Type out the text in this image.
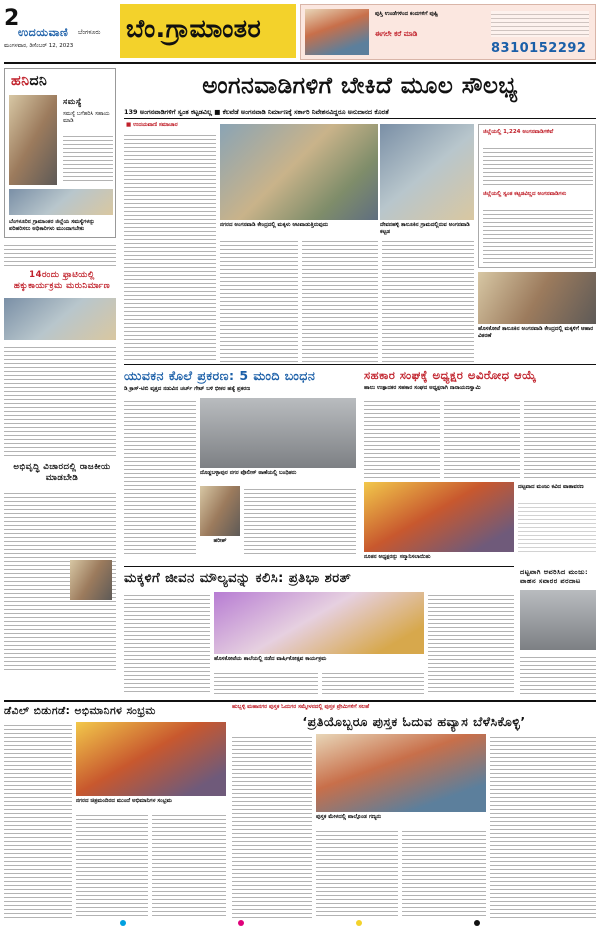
2
ಉದಯವಾಣಿ ಬೆಂಗಳೂರು
ಮಂಗಳವಾರ, ಡಿಸೆಂಬರ್ 12, 2023
ಬೆಂ.ಗ್ರಾಮಾಂತರ	ಪುಸ್ತಿ ಉಂಡೆಗಳಿಂದ ಕಂದಗಳಿಗೆ ಪುಷ್ಟಿ
ಈಗಲೇ ಕರೆ ಮಾಡಿ
8310152292
ಹನಿದನಿ
ಸಮಸ್ಯೆ
ಸಮಸ್ಯೆ ಬಗೆಹರಿಸಿ ಸಹಾಯ ಮಾಡಿ
ಬೆಂಗಳೂರಿನ ಗ್ರಾಮಾಂತರ ಜಿಲ್ಲೆಯ ಸಮಸ್ಯೆಗಳನ್ನು ಪರಿಹರಿಸಲು ಅಧಿಕಾರಿಗಳು ಮುಂದಾಗಬೇಕು
14ರಂದು ಫ್ರಾಟಿಯಲ್ಲಿ ಹಕ್ಕುಕಾರ್ಯಕ್ರಮ ಮರುನಿರ್ಮಾಣ
ಅಭಿವೃದ್ಧಿ ವಿಚಾರದಲ್ಲಿ ರಾಜಕೀಯ ಮಾಡಬೇಡಿ
ಅಂಗನವಾಡಿಗಳಿಗೆ ಬೇಕಿದೆ ಮೂಲ ಸೌಲಭ್ಯ
139 ಅಂಗನವಾಡಿಗಳಿಗೆ ಸ್ವಂತ ಕಟ್ಟಡವಿಲ್ಲ ■ ಕೆಲವೆಡೆ ಅಂಗನವಾಡಿ ನಿರ್ಮಾಣಕ್ಕೆ ಸರ್ಕಾರಿ ನಿವೇಶನವಿದ್ದರೂ ಅನುದಾನದ ಕೊರತೆ
■ ಉದಯವಾಣಿ ಸಮಾಚಾರ
ನಗರದ ಅಂಗನವಾಡಿ ಕೇಂದ್ರದಲ್ಲಿ ಮಕ್ಕಳು ಆಟವಾಡುತ್ತಿರುವುದು	ದೇವನಹಳ್ಳಿ ತಾಲೂಕಿನ ಗ್ರಾಮದಲ್ಲಿರುವ ಅಂಗನವಾಡಿ ಕಟ್ಟಡ
ಜಿಲ್ಲೆಯಲ್ಲಿ 1,224 ಅಂಗನವಾಡಿಗಳಿವೆ
ಜಿಲ್ಲೆಯಲ್ಲಿ ಸ್ವಂತ ಕಟ್ಟಡವಿಲ್ಲದ ಅಂಗನವಾಡಿಗಳು
ಹೊಸಕೋಟೆ ತಾಲೂಕಿನ ಅಂಗನವಾಡಿ ಕೇಂದ್ರದಲ್ಲಿ ಮಕ್ಕಳಿಗೆ ಆಹಾರ ವಿತರಣೆ
ಯುವಕನ ಕೊಲೆ ಪ್ರಕರಣ: 5 ಮಂದಿ ಬಂಧನ
ಡಿ ಕ್ರಾಸ್-ಟಿಬಿ ವೃತ್ತದ ನಡುವಿನ ಚರ್ಚ್ ಗೇಟ್ ಬಳಿ ಭೀಕರ ಹತ್ಯೆ ಪ್ರಕರಣ
ದೊಡ್ಡಬಳ್ಳಾಪುರ ನಗರ ಪೊಲೀಸ್ ಠಾಣೆಯಲ್ಲಿ ಬಂಧಿತರು
ಹರೀಶ್
ಸಹಕಾರ ಸಂಘಕ್ಕೆ ಅಧ್ಯಕ್ಷರ ಅವಿರೋಧ ಆಯ್ಕೆ
ಹಾಲು ಉತ್ಪಾದಕರ ಸಹಕಾರ ಸಂಘದ ಅಧ್ಯಕ್ಷರಾಗಿ ನಾರಾಯಣಸ್ವಾಮಿ
ನೂತನ ಅಧ್ಯಕ್ಷರನ್ನು ಸನ್ಮಾನಿಸಲಾಯಿತು
ದಟ್ಟವಾದ ಮಂಜು ಕವಿದ ವಾತಾವರಣ
ಮಕ್ಕಳಿಗೆ ಜೀವನ ಮೌಲ್ಯವನ್ನು ಕಲಿಸಿ: ಪ್ರತಿಭಾ ಶರತ್
ಹೊಸಕೋಟೆಯ ಶಾಲೆಯಲ್ಲಿ ನಡೆದ ವಾರ್ಷಿಕೋತ್ಸವ ಕಾರ್ಯಕ್ರಮ
ದಟ್ಟವಾಗಿ ಆವರಿಸಿದ ಮಂಜು: ವಾಹನ ಸವಾರರ ಪರದಾಟ
ಡೆವಿಲ್ ಬಿಡುಗಡೆ: ಅಭಿಮಾನಿಗಳ ಸಂಭ್ರಮ
ನಗರದ ಚಿತ್ರಮಂದಿರದ ಮುಂದೆ ಅಭಿಮಾನಿಗಳ ಸಂಭ್ರಮ
ಹುಬ್ಬಳ್ಳಿ ಮಹಾನಗರ ಪುಸ್ತಕ ಓದುಗರ ಸಮ್ಮೇಳನದಲ್ಲಿ ಪುಸ್ತಕ ಪ್ರೇಮಿಗಳಿಗೆ ಸಲಹೆ
‘ಪ್ರತಿಯೊಬ್ಬರೂ ಪುಸ್ತಕ ಓದುವ ಹವ್ಯಾಸ ಬೆಳೆಸಿಕೊಳ್ಳಿ’
ಪುಸ್ತಕ ಮೇಳದಲ್ಲಿ ಪಾಲ್ಗೊಂಡ ಗಣ್ಯರು
